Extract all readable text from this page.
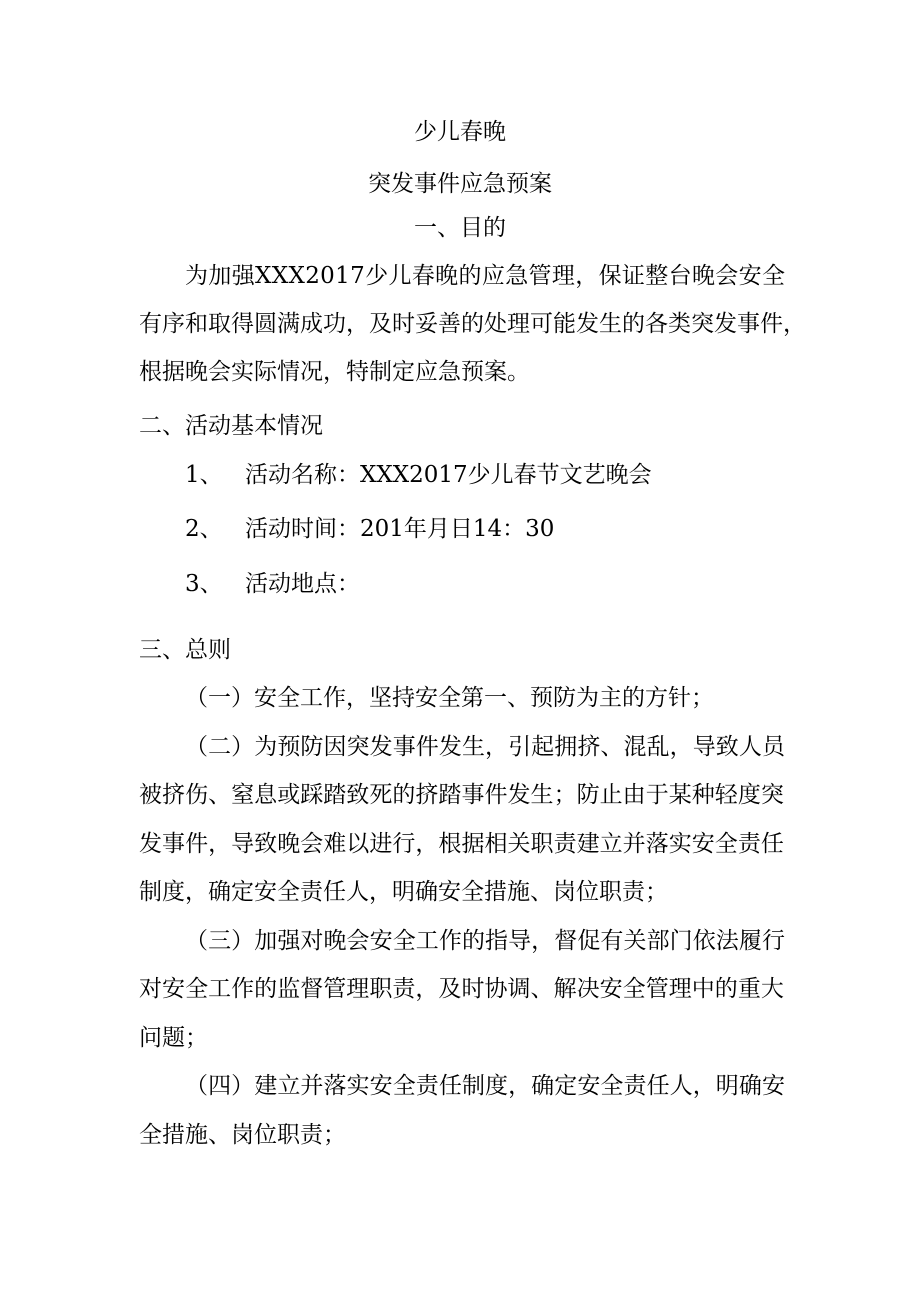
少儿春晚
突发事件应急预案
一、目的
为 加 强 X X X 2 0 1 7 少 儿 春 晚 的 应 急 管 理 ， 保 证 整 台 晚 会 安 全
有 序 和 取 得 圆 满 成 功 ， 及 时 妥 善 的 处 理 可 能 发 生 的 各 类 突 发 事 件 ，
根据晚会实际情况，特制定应急预案。
二、活动基本情况
1、 活动名称：XXX2017少儿春节文艺晚会
2、 活动时间：201年月日14：30
3、 活动地点：
三、总则
（一）安全工作，坚持安全第一、预防为主的方针；
（ 二 ） 为 预 防 因 突 发 事 件 发 生 ， 引 起 拥 挤 、 混 乱 ， 导 致 人 员
被 挤 伤 、 窒 息 或 踩 踏 致 死 的 挤 踏 事 件 发 生 ； 防 止 由 于 某 种 轻 度 突
发 事 件 ， 导 致 晚 会 难 以 进 行 ， 根 据 相 关 职 责 建 立 并 落 实 安 全 责 任
制度，确定安全责任人，明确安全措施、岗位职责；
（ 三 ） 加 强 对 晚 会 安 全 工 作 的 指 导 ， 督 促 有 关 部 门 依 法 履 行
对 安 全 工 作 的 监 督 管 理 职 责 ， 及 时 协 调 、 解 决 安 全 管 理 中 的 重 大
问题；
（ 四 ） 建 立 并 落 实 安 全 责 任 制 度 ， 确 定 安 全 责 任 人 ， 明 确 安
全措施、岗位职责；
